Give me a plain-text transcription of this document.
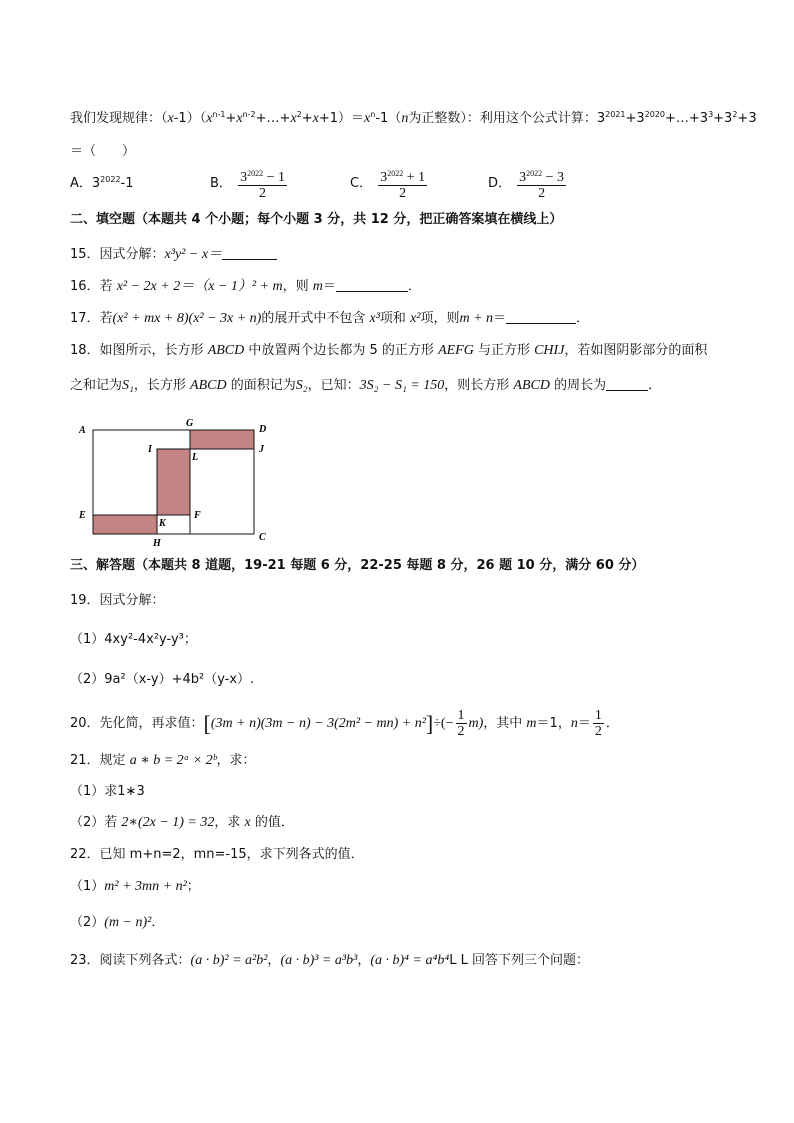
我们发现规律：$(x-1)(x^{n-1}+x^{n-2}+\dots+x^2+x+1)=x^n-1(n$为正整数）：利用这个公式计算：$3^{2021}+3^{2020}+\dots+3^3+3^2+3$
＝（　　）
A．$3^{2022}-1$	B． $\frac{3^{2022} - 1}{2}$	C． $\frac{3^{2022} + 1}{2}$	D． $\frac{3^{2022} - 3}{2}$
二、填空题（本题共 4 个小题；每个小题 3 分，共 12 分，把正确答案填在横线上）
15．因式分解：x³y² − x＝
16．若 x² − 2x + 2＝（x − 1）² + m，则 m＝	．
17．若(x² + mx + 8)(x² − 3x + n)的展开式中不包含 x³项和 x²项，则m + n＝	．
18．如图所示，长方形 ABCD 中放置两个边长都为 5 的正方形 AEFG 与正方形 CHIJ，若如图阴影部分的面积
之和记为S₁，长方形 ABCD 的面积记为S₂，已知：3S₂ − S₁ = 150，则长方形 ABCD 的周长为	．
A
G
D
I
L
J
E
K
F
H
C
三、解答题（本题共 8 道题，19-21 每题 6 分，22-25 每题 8 分，26 题 10 分，满分 60 分）
19．因式分解：
（1）4xy²-4x²y-y³；
（2）9a²（x-y）+4b²（y-x）.
20．先化简，再求值：$[(3m + n)(3m - n) - 3(2m^2 - mn) + n^2]\div(- \frac{1}{2} m)$，其中 m＝1，$n= \frac{1}{2}$ ．
21．规定 a ∗ b = 2ᵃ × 2ᵇ，求：
（1）求1∗3
（2）若 2∗(2x − 1) = 32，求 x 的值．
22．已知 m+n=2，mn=-15，求下列各式的值．
（1）m² + 3mn + n²；
（2）(m − n)²．
23．阅读下列各式：(a · b)² = a²b²，(a · b)³ = a³b³，(a · b)⁴ = a⁴b⁴L L 回答下列三个问题：
